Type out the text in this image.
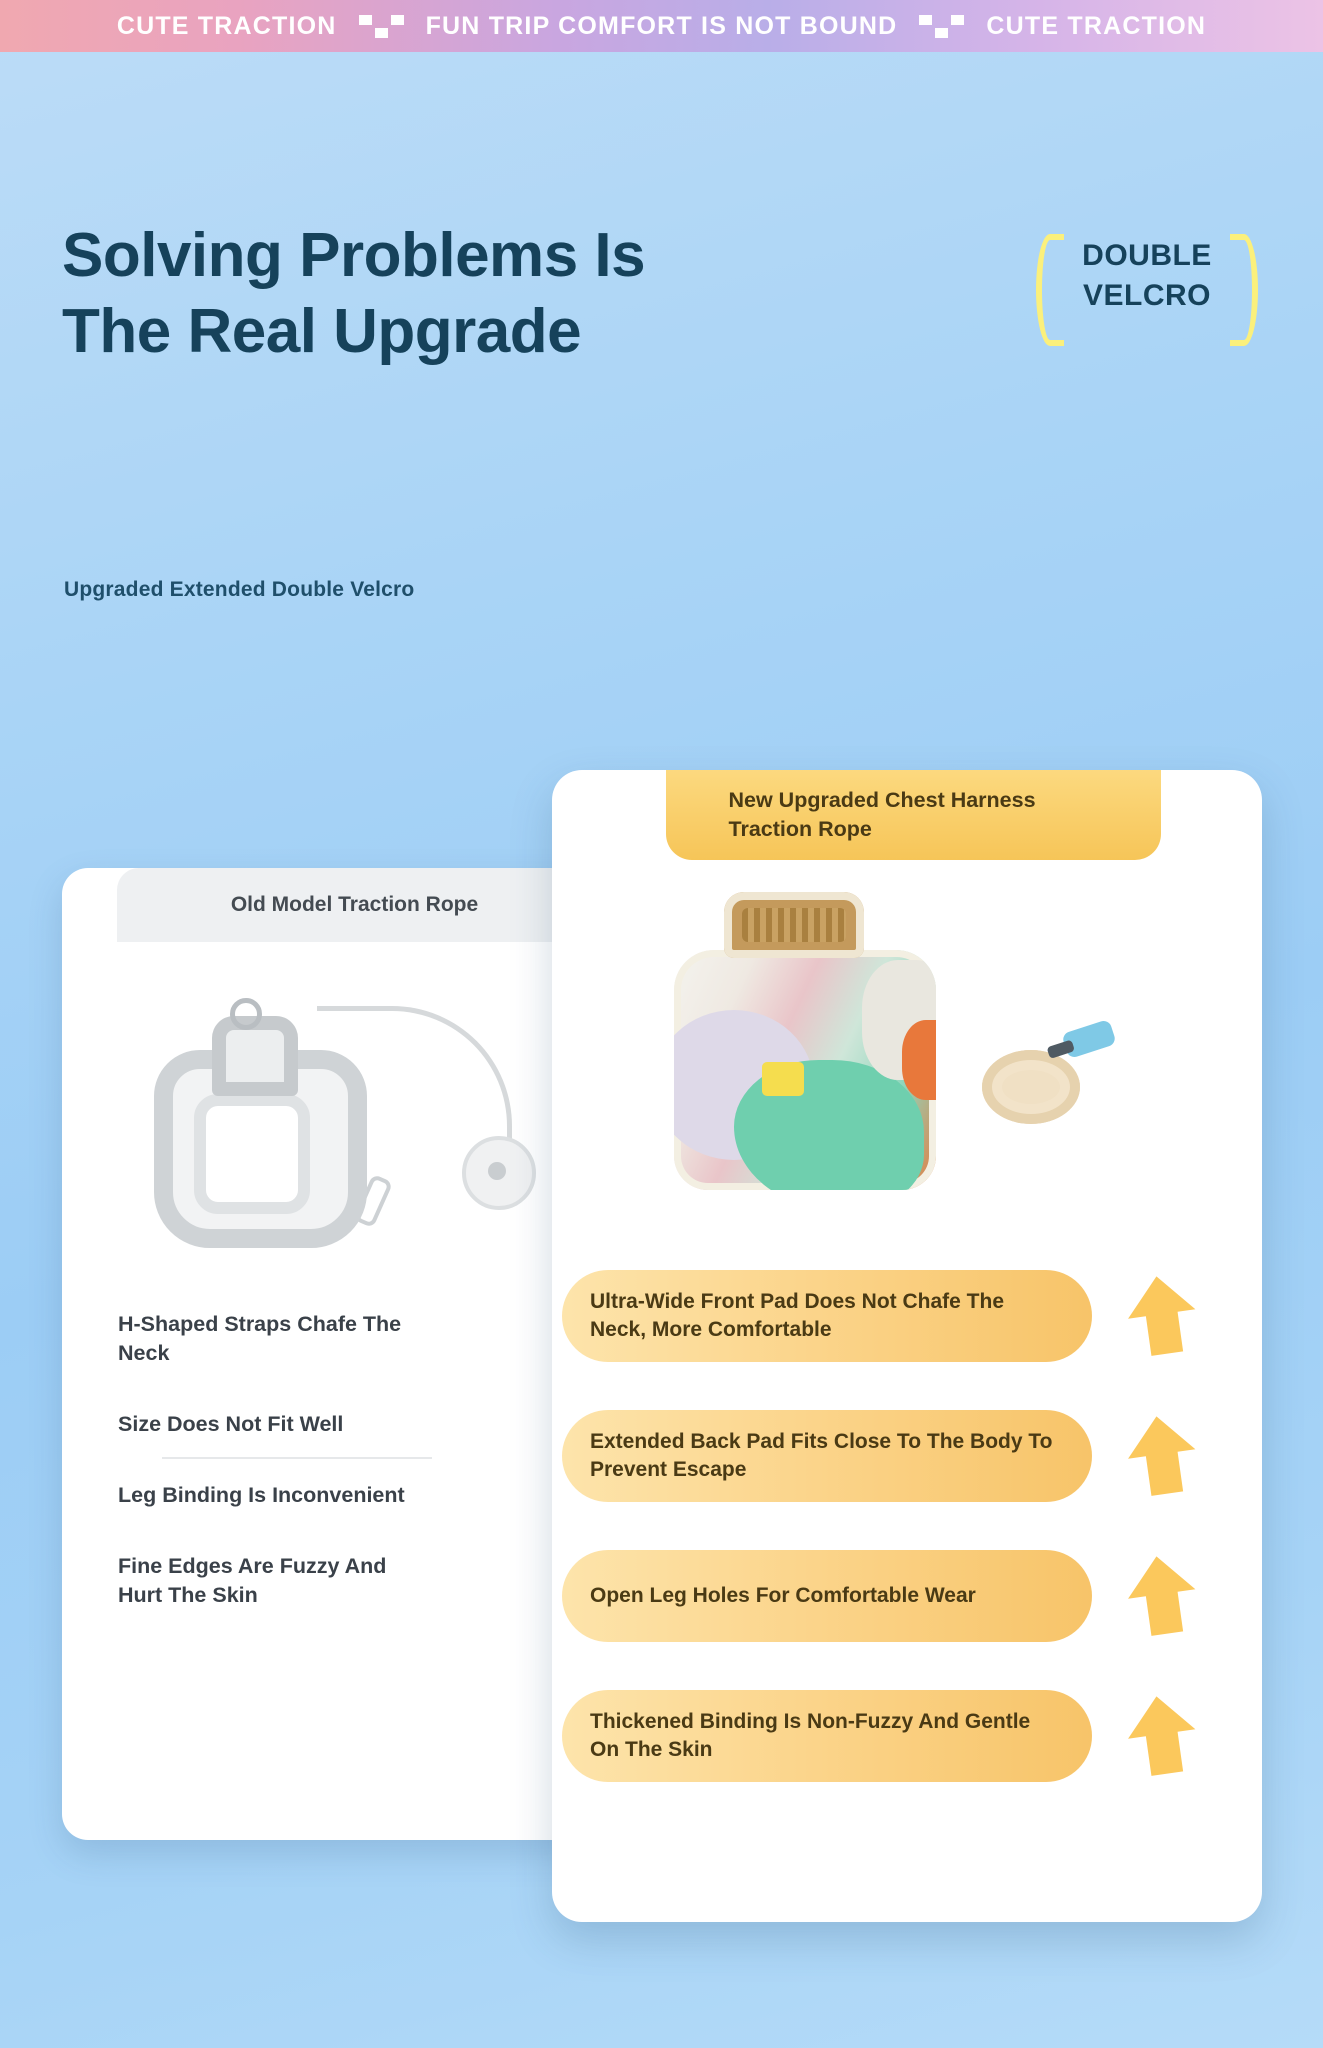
CUTE TRACTION	FUN TRIP COMFORT IS NOT BOUND	CUTE TRACTION
Solving Problems Is The Real Upgrade
Upgraded Extended Double Velcro
DOUBLE
VELCRO
Old Model Traction Rope
H-Shaped Straps Chafe The Neck
Size Does Not Fit Well
Leg Binding Is Inconvenient
Fine Edges Are Fuzzy And Hurt The Skin
New Upgraded Chest Harness Traction Rope
Ultra-Wide Front Pad Does Not Chafe The Neck, More Comfortable
Extended Back Pad Fits Close To The Body To Prevent Escape
Open Leg Holes For Comfortable Wear
Thickened Binding Is Non-Fuzzy And Gentle On The Skin
